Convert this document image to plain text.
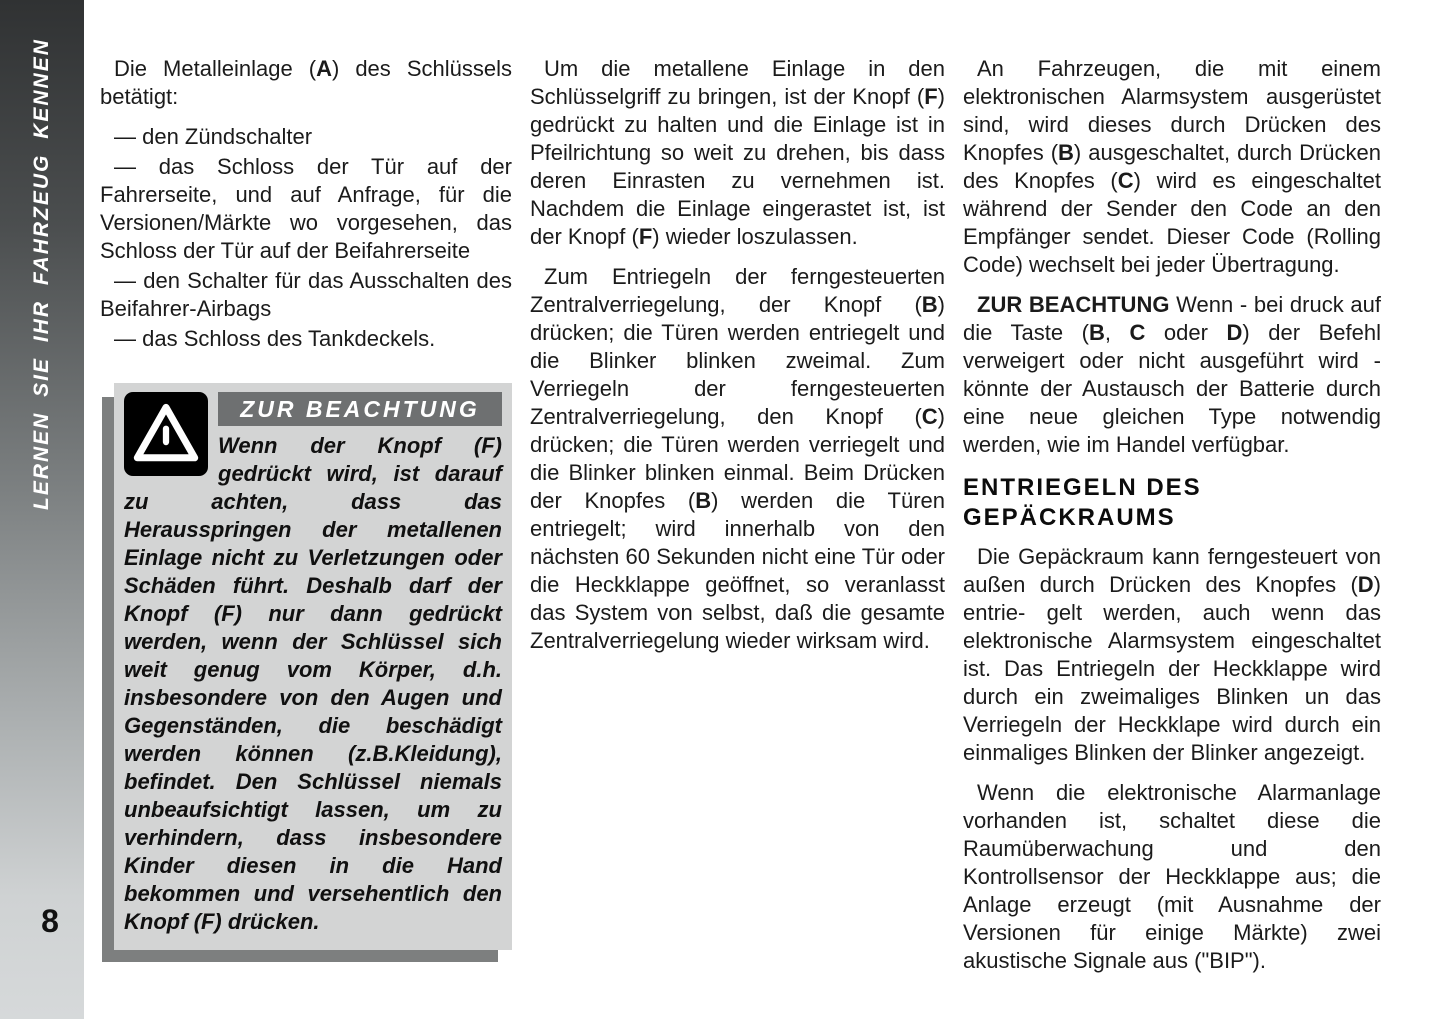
LERNEN SIE IHR FAHRZEUG KENNEN
8

Die Metalleinlage (A) des Schlüssels betätigt:

— den Zündschalter

— das Schloss der Tür auf der Fahrerseite, und auf Anfrage, für die Versionen/Märkte wo vorgesehen, das Schloss der Tür auf der Beifahrerseite

— den Schalter für das Ausschalten des Beifahrer-Airbags

— das Schloss des Tankdeckels.

ZUR BEACHTUNG
Wenn der Knopf (F) gedrückt wird, ist darauf zu achten, dass das Herausspringen der metallenen Einlage nicht zu Verletzungen oder Schäden führt. Deshalb darf der Knopf (F) nur dann gedrückt werden, wenn der Schlüssel sich weit genug vom Körper, d.h. insbesondere von den Augen und Gegenständen, die beschädigt werden können (z.B.Kleidung), befindet. Den Schlüssel niemals unbeaufsichtigt lassen, um zu verhindern, dass insbesondere Kinder diesen in die Hand bekommen und versehentlich den Knopf (F) drücken.

Um die metallene Einlage in den Schlüsselgriff zu bringen, ist der Knopf (F) gedrückt zu halten und die Einlage ist in Pfeilrichtung so weit zu drehen, bis dass deren Einrasten zu vernehmen ist. Nachdem die Einlage eingerastet ist, ist der Knopf (F) wieder loszulassen.

Zum Entriegeln der ferngesteuerten Zentralverriegelung, der Knopf (B) drücken; die Türen werden entriegelt und die Blinker blinken zweimal. Zum Verriegeln der ferngesteuerten Zentralverriegelung, den Knopf (C) drücken; die Türen werden verriegelt und die Blinker blinken einmal. Beim Drücken der Knopfes (B) werden die Türen entriegelt; wird innerhalb von den nächsten 60 Sekunden nicht eine Tür oder die Heckklappe geöffnet, so veranlasst das System von selbst, daß die gesamte Zentralverriegelung wieder wirksam wird.

An Fahrzeugen, die mit einem elektronischen Alarmsystem ausgerüstet sind, wird dieses durch Drücken des Knopfes (B) ausgeschaltet, durch Drücken des Knopfes (C) wird es eingeschaltet während der Sender den Code an den Empfänger sendet. Dieser Code (Rolling Code) wechselt bei jeder Übertragung.

ZUR BEACHTUNG Wenn - bei druck auf die Taste (B, C oder D) der Befehl verweigert oder nicht ausgeführt wird - könnte der Austausch der Batterie durch eine neue gleichen Type notwendig werden, wie im Handel verfügbar.

ENTRIEGELN DES GEPÄCKRAUMS

Die Gepäckraum kann ferngesteuert von außen durch Drücken des Knopfes (D) entrie- gelt werden, auch wenn das elektronische Alarmsystem eingeschaltet ist. Das Entriegeln der Heckklappe wird durch ein zweimaliges Blinken un das Verriegeln der Heckklape wird durch ein einmaliges Blinken der Blinker angezeigt.

Wenn die elektronische Alarmanlage vorhanden ist, schaltet diese die Raumüberwachung und den Kontrollsensor der Heckklappe aus; die Anlage erzeugt (mit Ausnahme der Versionen für einige Märkte) zwei akustische Signale aus ("BIP").
